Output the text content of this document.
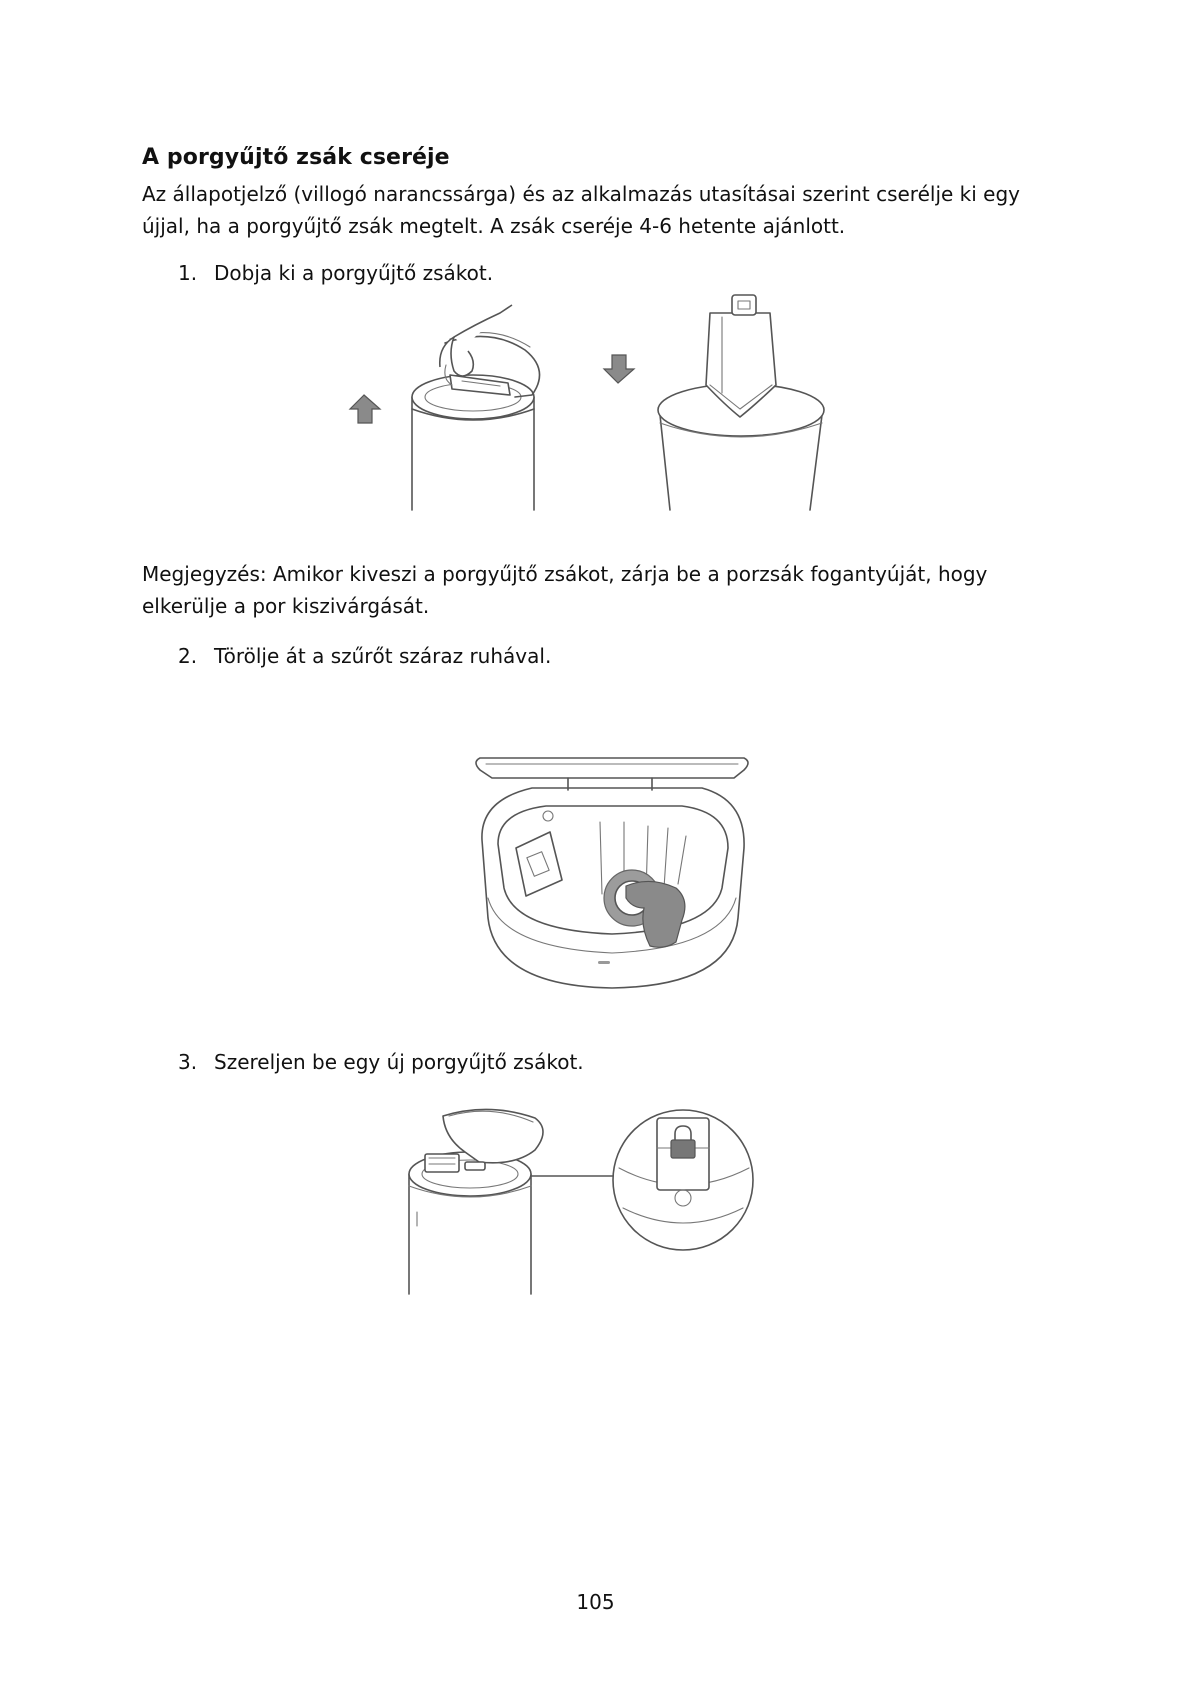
A porgyűjtő zsák cseréje
Az állapotjelző (villogó narancssárga) és az alkalmazás utasításai szerint cserélje ki egy újjal, ha a porgyűjtő zsák megtelt. A zsák cseréje 4-6 hetente ajánlott.
1. Dobja ki a porgyűjtő zsákot.
Megjegyzés: Amikor kiveszi a porgyűjtő zsákot, zárja be a porzsák fogantyúját, hogy elkerülje a por kiszivárgását.
2. Törölje át a szűrőt száraz ruhával.
3. Szereljen be egy új porgyűjtő zsákot.
105
